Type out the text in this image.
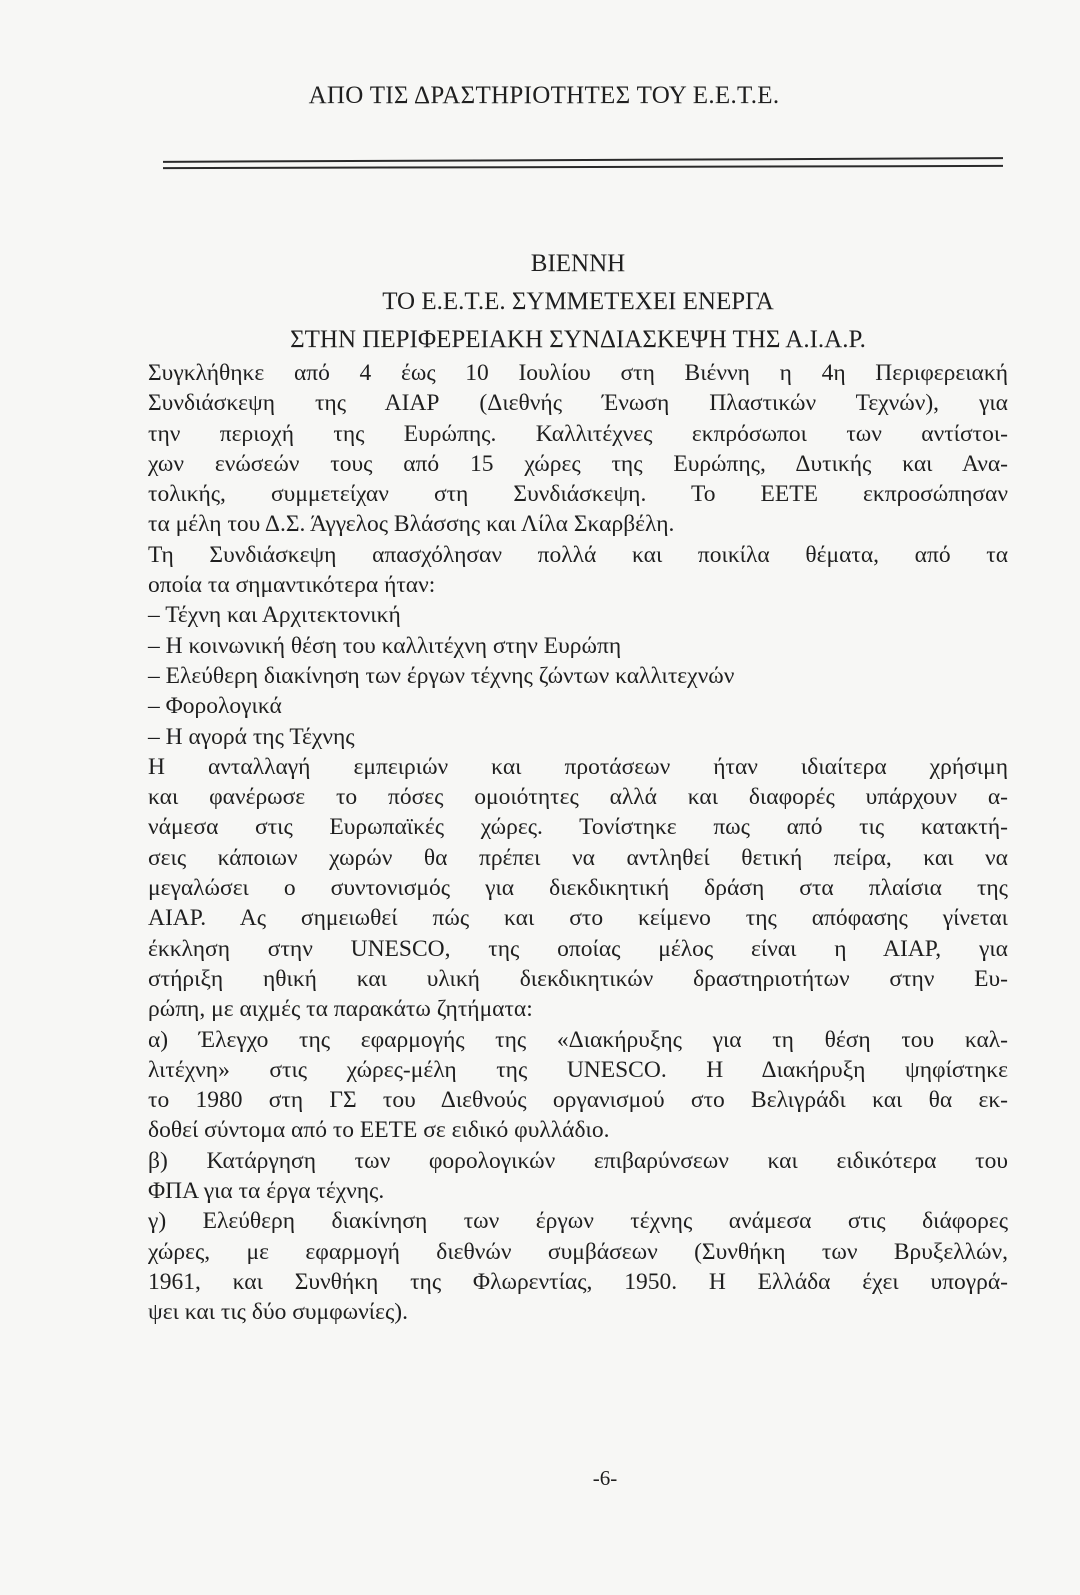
ΑΠΟ ΤΙΣ ΔΡΑΣΤΗΡΙΟΤΗΤΕΣ ΤΟΥ Ε.Ε.Τ.Ε.
ΒΙΕΝΝΗ
ΤΟ Ε.Ε.Τ.Ε. ΣΥΜΜΕΤΕΧΕΙ ΕΝΕΡΓΑ
ΣΤΗΝ ΠΕΡΙΦΕΡΕΙΑΚΗ ΣΥΝΔΙΑΣΚΕΨΗ ΤΗΣ Α.Ι.Α.Ρ.
Συγκλήθηκε από 4 έως 10 Ιουλίου στη Βιέννη η 4η Περιφερειακή
Συνδιάσκεψη της ΑΙΑΡ (Διεθνής Ένωση Πλαστικών Τεχνών), για
την περιοχή της Ευρώπης. Καλλιτέχνες εκπρόσωποι των αντίστοι-
χων ενώσεών τους από 15 χώρες της Ευρώπης, Δυτικής και Ανα-
τολικής, συμμετείχαν στη Συνδιάσκεψη. Το ΕΕΤΕ εκπροσώπησαν
τα μέλη του Δ.Σ. Άγγελος Βλάσσης και Λίλα Σκαρβέλη.
Τη Συνδιάσκεψη απασχόλησαν πολλά και ποικίλα θέματα, από τα
οποία τα σημαντικότερα ήταν:
– Τέχνη και Αρχιτεκτονική
– Η κοινωνική θέση του καλλιτέχνη στην Ευρώπη
– Ελεύθερη διακίνηση των έργων τέχνης ζώντων καλλιτεχνών
– Φορολογικά
– Η αγορά της Τέχνης
Η ανταλλαγή εμπειριών και προτάσεων ήταν ιδιαίτερα χρήσιμη
και φανέρωσε το πόσες ομοιότητες αλλά και διαφορές υπάρχουν α-
νάμεσα στις Ευρωπαϊκές χώρες. Τονίστηκε πως από τις κατακτή-
σεις κάποιων χωρών θα πρέπει να αντληθεί θετική πείρα, και να
μεγαλώσει ο συντονισμός για διεκδικητική δράση στα πλαίσια της
ΑΙΑΡ. Ας σημειωθεί πώς και στο κείμενο της απόφασης γίνεται
έκκληση στην UNESCO, της οποίας μέλος είναι η ΑΙΑΡ, για
στήριξη ηθική και υλική διεκδικητικών δραστηριοτήτων στην Ευ-
ρώπη, με αιχμές τα παρακάτω ζητήματα:
α) Έλεγχο της εφαρμογής της «Διακήρυξης για τη θέση του καλ-
λιτέχνη» στις χώρες-μέλη της UNESCO. Η Διακήρυξη ψηφίστηκε
το 1980 στη ΓΣ του Διεθνούς οργανισμού στο Βελιγράδι και θα εκ-
δοθεί σύντομα από το ΕΕΤΕ σε ειδικό φυλλάδιο.
β) Κατάργηση των φορολογικών επιβαρύνσεων και ειδικότερα του
ΦΠΑ για τα έργα τέχνης.
γ) Ελεύθερη διακίνηση των έργων τέχνης ανάμεσα στις διάφορες
χώρες, με εφαρμογή διεθνών συμβάσεων (Συνθήκη των Βρυξελλών,
1961, και Συνθήκη της Φλωρεντίας, 1950. Η Ελλάδα έχει υπογρά-
ψει και τις δύο συμφωνίες).
-6-
